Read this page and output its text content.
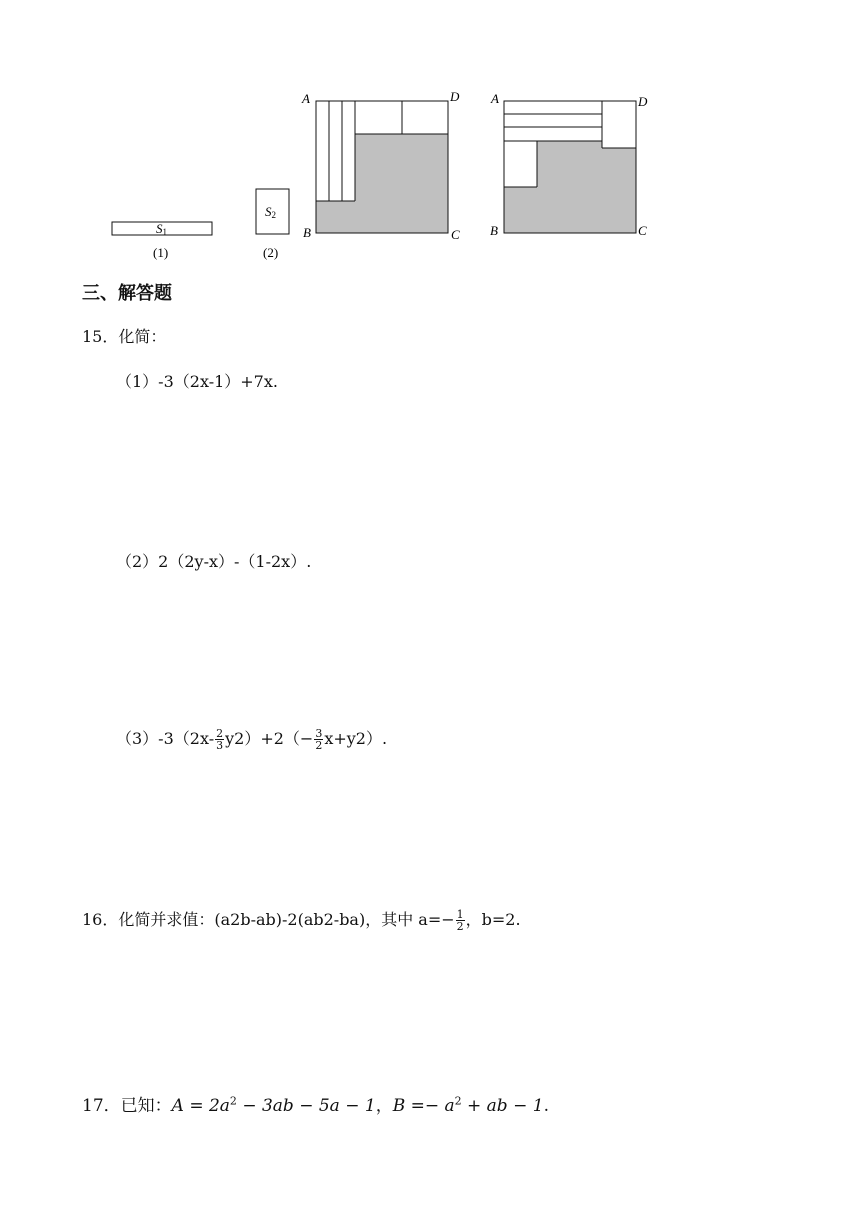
S1
(1)
S2
(2)
A	D
B	C
A	D
B	C
三、解答题
15．化简：
（1）-3（2x-1）+7x.
（2）2（2y-x）-（1-2x）.
$(3)-3(2x- \frac{2}{3} y2)+2(- \frac{3}{2} x+y2)$.
16．化简并求值：(a2b-ab)-2(ab2-ba)，其中 $a=- \frac{1}{2}$ ，b=2.
17．已知：$A = 2a^2 - 3ab - 5a - 1$，$B =- a^2$ + ab − 1.
